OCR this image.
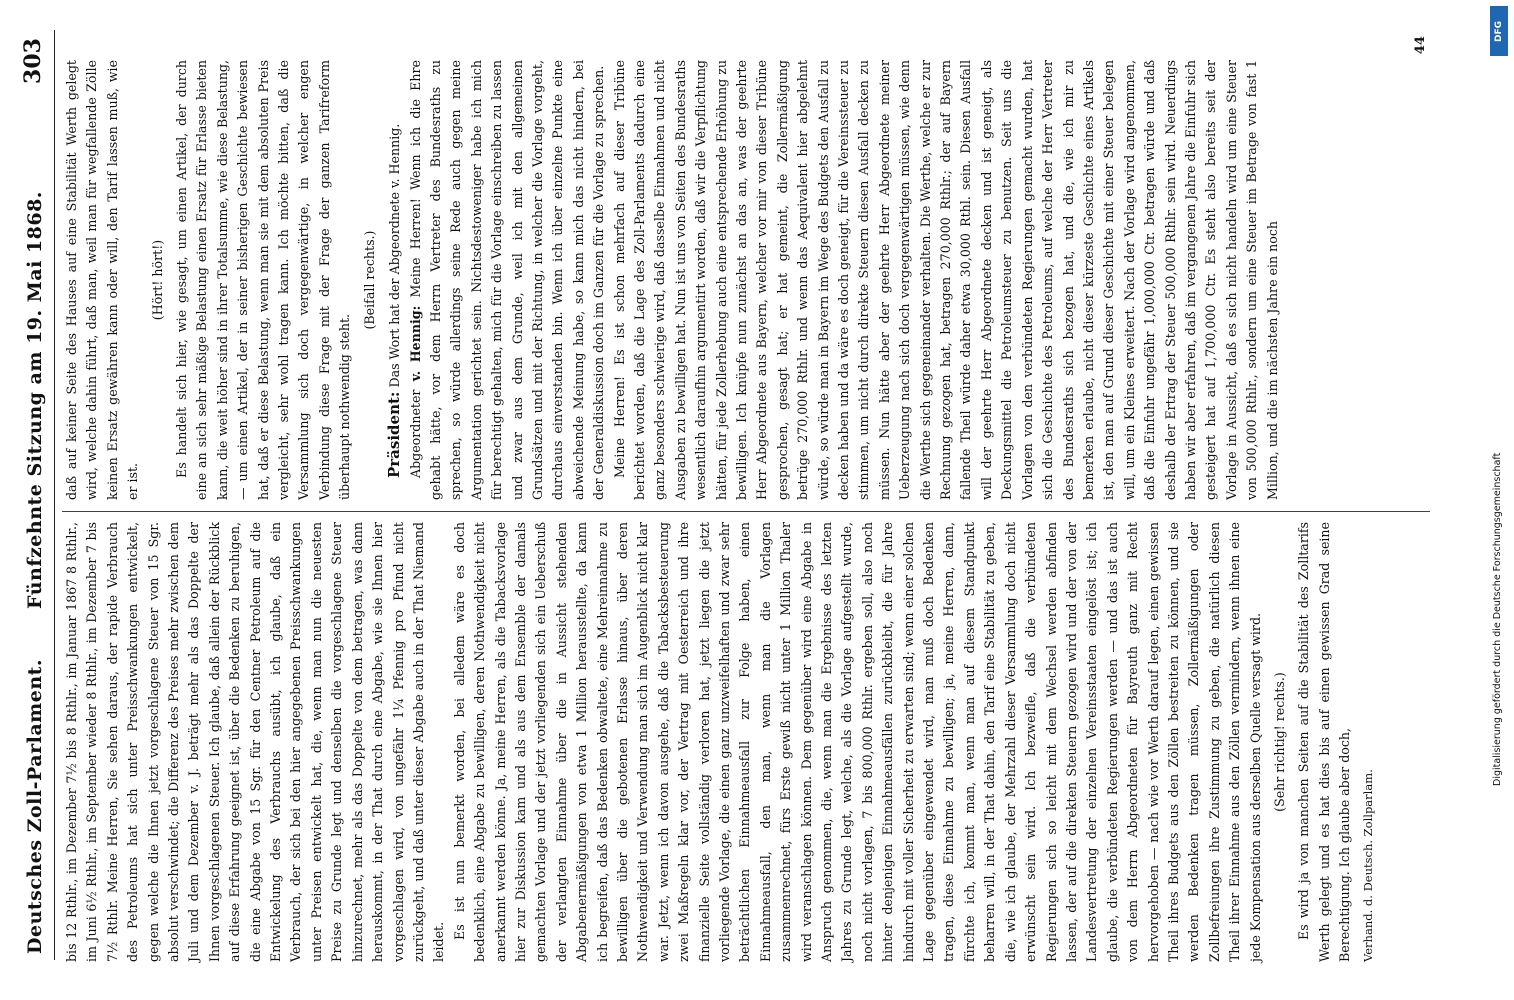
Deutsches Zoll-Parlament.
Fünfzehnte Sitzung am 19. Mai 1868.
303

bis 12 Rthlr., im Dezember 7½ bis 8 Rthlr., im Januar 1867 8 Rthlr., im Juni 6½ Rthlr., im September wieder 8 Rthlr., im Dezember 7 bis 7½ Rthlr. Meine Herren, Sie sehen daraus, der rapide Verbrauch des Petroleums hat sich unter Preisschwankungen entwickelt, gegen welche die Ihnen jetzt vorgeschlagene Steuer von 15 Sgr. absolut verschwindet; die Differenz des Preises mehr zwischen dem Juli und dem Dezember v. J. beträgt mehr als das Doppelte der Ihnen vorgeschlagenen Steuer. Ich glaube, daß allein der Rückblick auf diese Erfahrung geeignet ist, über die Bedenken zu beruhigen, die eine Abgabe von 15 Sgr. für den Centner Petroleum auf die Entwickelung des Verbrauchs ausübt, ich glaube, daß ein Verbrauch, der sich bei den hier angegebenen Preisschwankungen unter Preisen entwickelt hat, die, wenn man nun die neuesten Preise zu Grunde legt und denselben die vorgeschlagene Steuer hinzurechnet, mehr als das Doppelte von dem betragen, was dann herauskommt, in der That durch eine Abgabe, wie sie Ihnen hier vorgeschlagen wird, von ungefähr 1¼ Pfennig pro Pfund nicht zurückgeht, und daß unter dieser Abgabe auch in der That Niemand leidet.

Es ist nun bemerkt worden, bei alledem wäre es doch bedenklich, eine Abgabe zu bewilligen, deren Nothwendigkeit nicht anerkannt werden könne. Ja, meine Herren, als die Tabacksvorlage hier zur Diskussion kam und als aus dem Ensemble der damals gemachten Vorlage und der jetzt vorliegenden sich ein Ueberschuß der verlangten Einnahme über die in Aussicht stehenden Abgabenermäßigungen von etwa 1 Million herausstellte, da kann ich begreifen, daß das Bedenken obwaltete, eine Mehreinnahme zu bewilligen über die gebotenen Erlasse hinaus, über deren Nothwendigkeit und Verwendung man sich im Augenblick nicht klar war. Jetzt, wenn ich davon ausgehe, daß die Tabacksbesteuerung zwei Maßregeln klar vor, der Vertrag mit Oesterreich und ihre finanzielle Seite vollständig verloren hat, jetzt liegen die jetzt vorliegende Vorlage, die einen ganz unzweifelhaften und zwar sehr beträchtlichen Einnahmeausfall zur Folge haben, einen Einnahmeausfall, den man, wenn man die Vorlagen zusammenrechnet, fürs Erste gewiß nicht unter 1 Million Thaler wird veranschlagen können. Dem gegenüber wird eine Abgabe in Anspruch genommen, die, wenn man die Ergebnisse des letzten Jahres zu Grunde legt, welche, als die Vorlage aufgestellt wurde, noch nicht vorlagen, 7 bis 800,000 Rthlr. ergeben soll, also noch hinter denjenigen Einnahmeausfällen zurückbleibt, die für Jahre hindurch mit voller Sicherheit zu erwarten sind; wenn einer solchen Lage gegenüber eingewendet wird, man muß doch Bedenken tragen, diese Einnahme zu bewilligen; ja, meine Herren, dann, fürchte ich, kommt man, wenn man auf diesem Standpunkt beharren will, in der That dahin, den Tarif eine Stabilität zu geben, die, wie ich glaube, der Mehrzahl dieser Versammlung doch nicht erwünscht sein wird. Ich bezweifle, daß die verbündeten Regierungen sich so leicht mit dem Wechsel werden abfinden lassen, der auf die direkten Steuern gezogen wird und der von der Landesvertretung der einzelnen Vereinsstaaten eingelöst ist; ich glaube, die verbündeten Regierungen werden — und das ist auch von dem Herrn Abgeordneten für Bayreuth ganz mit Recht hervorgehoben — nach wie vor Werth darauf legen, einen gewissen Theil ihres Budgets aus den Zöllen bestreiten zu können, und sie werden Bedenken tragen müssen, Zollermäßigungen oder Zollbefreiungen ihre Zustimmung zu geben, die natürlich diesen Theil ihrer Einnahme aus den Zöllen vermindern, wenn ihnen eine jede Kompensation aus derselben Quelle versagt wird. (Sehr richtig! rechts.) Es wird ja von manchen Seiten auf die Stabilität des Zolltarifs Werth gelegt und es hat dies bis auf einen gewissen Grad seine Berechtigung. Ich glaube aber doch, Verhand. d. Deutsch. Zollparlam.

daß auf keiner Seite des Hauses auf eine Stabilität Werth gelegt wird, welche dahin führt, daß man, weil man für wegfallende Zölle keinen Ersatz gewähren kann oder will, den Tarif lassen muß, wie er ist.

(Hört! hört!) Es handelt sich hier, wie gesagt, um einen Artikel, der durch eine an sich sehr mäßige Belastung einen Ersatz für Erlasse bieten kann, die weit höher sind in ihrer Totalsumme, wie diese Belastung, — um einen Artikel, der in seiner bisherigen Geschichte bewiesen hat, daß er diese Belastung, wenn man sie mit dem absoluten Preis vergleicht, sehr wohl tragen kann. Ich möchte bitten, daß die Versammlung sich doch vergegenwärtige, in welcher engen Verbindung diese Frage mit der Frage der ganzen Tarifreform überhaupt nothwendig steht.

(Beifall rechts.)

Präsident: Das Wort hat der Abgeordnete v. Hennig.

Abgeordneter v. Hennig: Meine Herren! Wenn ich die Ehre gehabt hätte, vor dem Herrn Vertreter des Bundesraths zu sprechen, so würde allerdings seine Rede auch gegen meine Argumentation gerichtet sein. Nichtsdestoweniger habe ich mich für berechtigt gehalten, mich für die Vorlage einschreiben zu lassen und zwar aus dem Grunde, weil ich mit den allgemeinen Grundsätzen und mit der Richtung, in welcher die Vorlage vorgeht, durchaus einverstanden bin. Wenn ich über einzelne Punkte eine abweichende Meinung habe, so kann mich das nicht hindern, bei der Generaldiskussion doch im Ganzen für die Vorlage zu sprechen. Meine Herren! Es ist schon mehrfach auf dieser Tribüne berichtet worden, daß die Lage des Zoll-Parlaments dadurch eine ganz besonders schwierige wird, daß dasselbe Einnahmen und nicht Ausgaben zu bewilligen hat. Nun ist uns von Seiten des Bundesraths wesentlich daraufhin argumentirt worden, daß wir die Verpflichtung hätten, für jede Zollerhebung auch eine entsprechende Erhöhung zu bewilligen. Ich knüpfe nun zunächst an das an, was der geehrte Herr Abgeordnete aus Bayern, welcher vor mir von dieser Tribüne gesprochen, gesagt hat; er hat gemeint, die Zollermäßigung betrüge 270,000 Rthlr. und wenn das Aequivalent hier abgelehnt würde, so würde man in Bayern im Wege des Budgets den Ausfall zu decken haben und da wäre es doch geneigt, für die Vereinssteuer zu stimmen, um nicht durch direkte Steuern diesen Ausfall decken zu müssen. Nun hätte aber der geehrte Herr Abgeordnete meiner Ueberzeugung nach sich doch vergegenwärtigen müssen, wie denn die Werthe sich gegeneinander verhalten. Die Werthe, welche er zur Rechnung gezogen hat, betragen 270,000 Rthlr.; der auf Bayern fallende Theil würde daher etwa 30,000 Rthl. sein. Diesen Ausfall will der geehrte Herr Abgeordnete decken und ist geneigt, als Deckungsmittel die Petroleumsteuer zu benutzen. Seit uns die Vorlagen von den verbündeten Regierungen gemacht wurden, hat sich die Geschichte des Petroleums, auf welche der Herr Vertreter des Bundesraths sich bezogen hat, und die, wie ich mir zu bemerken erlaube, nicht dieser kürzeste Geschichte eines Artikels ist, den man auf Grund dieser Geschichte mit einer Steuer belegen will, um ein Kleines erweitert. Nach der Vorlage wird angenommen, daß die Einfuhr ungefähr 1,000,000 Ctr. betragen würde und daß deshalb der Ertrag der Steuer 500,000 Rthlr. sein wird. Neuerdings haben wir aber erfahren, daß im vergangenen Jahre die Einfuhr sich gesteigert hat auf 1,700,000 Ctr. Es steht also bereits seit der Vorlage in Aussicht, daß es sich nicht handeln wird um eine Steuer von 500,000 Rthlr., sondern um eine Steuer im Betrage von fast 1 Million, und die im nächsten Jahre ein noch

44
DFG
Digitalisierung gefördert durch die Deutsche Forschungsgemeinschaft
